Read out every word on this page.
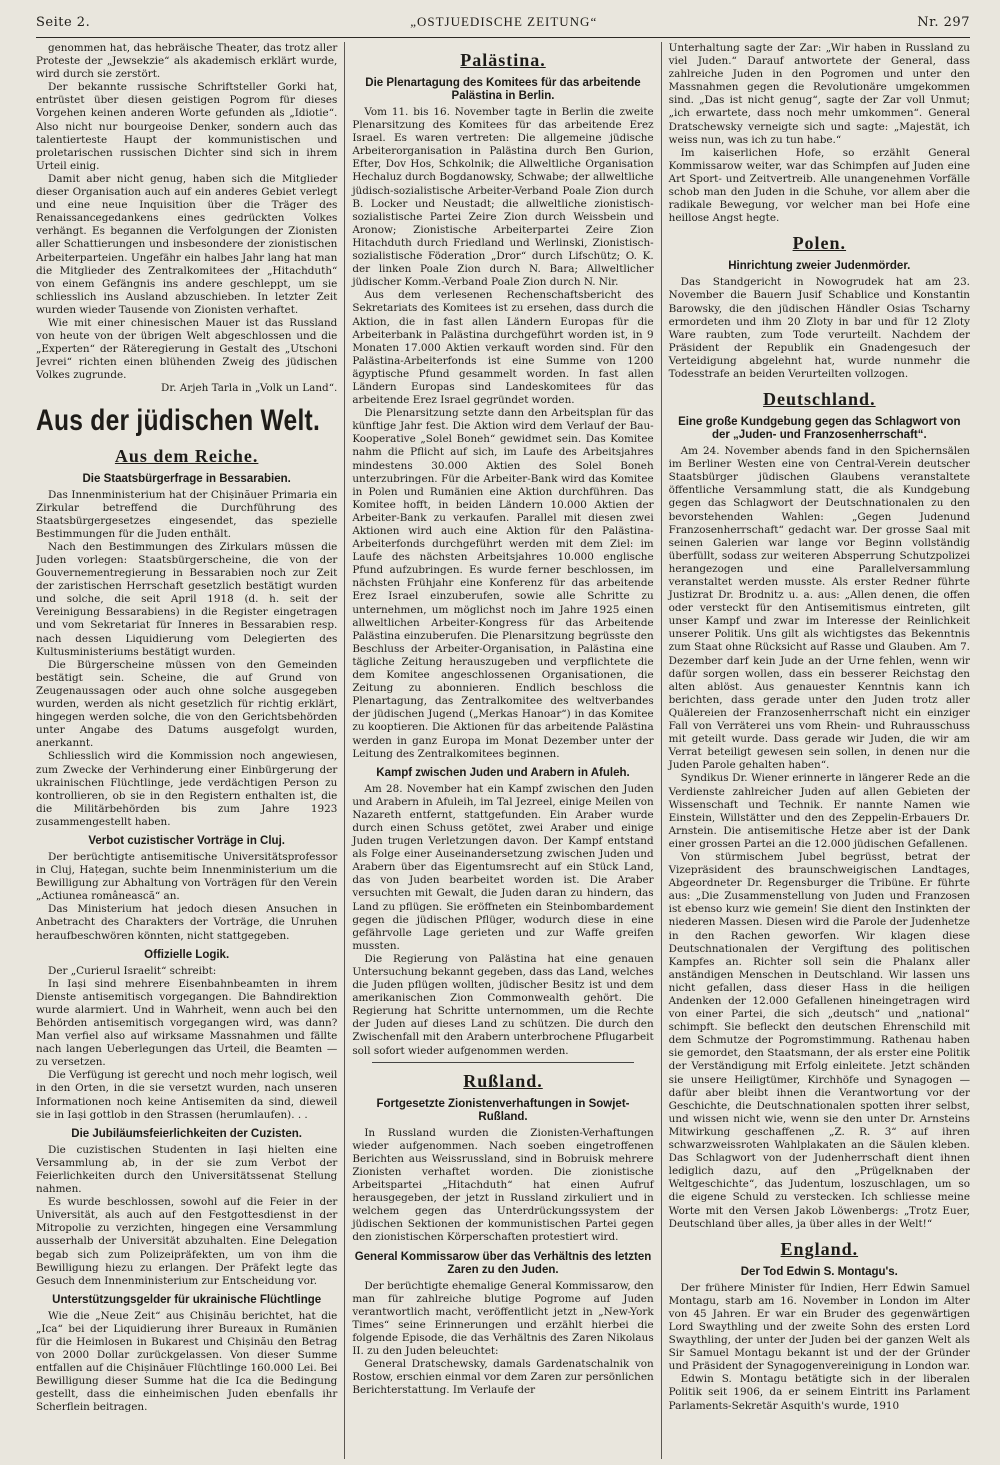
Seite 2.	„OSTJUEDISCHE ZEITUNG“	Nr. 297

genommen hat, das hebräische Theater, das trotz aller Proteste der „Jewsekzie“ als akademisch erklärt wurde, wird durch sie zerstört.

Der bekannte russische Schriftsteller Gorki hat, entrüstet über diesen geistigen Pogrom für dieses Vorgehen keinen anderen Worte gefunden als „Idiotie“. Also nicht nur bourgeoise Denker, sondern auch das talentierteste Haupt der kommunistischen und proletarischen russischen Dichter sind sich in ihrem Urteil einig.

Damit aber nicht genug, haben sich die Mitglieder dieser Organisation auch auf ein anderes Gebiet verlegt und eine neue Inquisition über die Träger des Renaissancegedankens eines gedrückten Volkes verhängt. Es begannen die Verfolgungen der Zionisten aller Schattierungen und insbesondere der zionistischen Arbeiterparteien. Ungefähr ein halbes Jahr lang hat man die Mitglieder des Zentralkomitees der „Hitachduth“ von einem Gefängnis ins andere geschleppt, um sie schliesslich ins Ausland abzuschieben. In letzter Zeit wurden wieder Tausende von Zionisten verhaftet.

Wie mit einer chinesischen Mauer ist das Russland von heute von der übrigen Welt abgeschlossen und die „Experten“ der Räteregierung in Gestalt des „Utschoni Jevrei“ richten einen blühenden Zweig des jüdischen Volkes zugrunde.

Dr. Arjeh Tarla in „Volk un Land“.

Aus der jüdischen Welt.
Aus dem Reiche.
Die Staatsbürgerfrage in Bessarabien.

Das Innenministerium hat der Chișinăuer Primaria ein Zirkular betreffend die Durchführung des Staatsbürgergesetzes eingesendet, das spezielle Bestimmungen für die Juden enthält.

Nach den Bestimmungen des Zirkulars müssen die Juden vorlegen: Staatsbürgerscheine, die von der Gouvernementregierung in Bessarabien noch zur Zeit der zaristischen Herrschaft gesetzlich bestätigt wurden und solche, die seit April 1918 (d. h. seit der Vereinigung Bessarabiens) in die Register eingetragen und vom Sekretariat für Inneres in Bessarabien resp. nach dessen Liquidierung vom Delegierten des Kultusministeriums bestätigt wurden.

Die Bürgerscheine müssen von den Gemeinden bestätigt sein. Scheine, die auf Grund von Zeugenaussagen oder auch ohne solche ausgegeben wurden, werden als nicht gesetzlich für richtig erklärt, hingegen werden solche, die von den Gerichtsbehörden unter Angabe des Datums ausgefolgt wurden, anerkannt.

Schliesslich wird die Kommission noch angewiesen, zum Zwecke der Verhinderung einer Einbürgerung der ukrainischen Flüchtlinge, jede verdächtigen Person zu kontrollieren, ob sie in den Registern enthalten ist, die die Militärbehörden bis zum Jahre 1923 zusammengestellt haben.

Verbot cuzistischer Vorträge in Cluj.

Der berüchtigte antisemitische Universitätsprofessor in Cluj, Hațegan, suchte beim Innenministerium um die Bewilligung zur Abhaltung von Vorträgen für den Verein „Actiunea românească“ an.

Das Ministerium hat jedoch diesen Ansuchen in Anbetracht des Charakters der Vorträge, die Unruhen heraufbeschwören könnten, nicht stattgegeben.

Offizielle Logik.

Der „Curierul Israelit“ schreibt:

In Iași sind mehrere Eisenbahnbeamten in ihrem Dienste antisemitisch vorgegangen. Die Bahndirektion wurde alarmiert. Und in Wahrheit, wenn auch bei den Behörden antisemitisch vorgegangen wird, was dann? Man verfiel also auf wirksame Massnahmen und fällte nach langen Ueberlegungen das Urteil, die Beamten — zu versetzen.

Die Verfügung ist gerecht und noch mehr logisch, weil in den Orten, in die sie versetzt wurden, nach unseren Informationen noch keine Antisemiten da sind, dieweil sie in Iași gottlob in den Strassen (herumlaufen). . .

Die Jubiläumsfeierlichkeiten der Cuzisten.

Die cuzistischen Studenten in Iași hielten eine Versammlung ab, in der sie zum Verbot der Feierlichkeiten durch den Universitätssenat Stellung nahmen.

Es wurde beschlossen, sowohl auf die Feier in der Universität, als auch auf den Festgottesdienst in der Mitropolie zu verzichten, hingegen eine Versammlung ausserhalb der Universität abzuhalten. Eine Delegation begab sich zum Polizeipräfekten, um von ihm die Bewilligung hiezu zu erlangen. Der Präfekt legte das Gesuch dem Innenministerium zur Entscheidung vor.

Unterstützungsgelder für ukrainische Flüchtlinge

Wie die „Neue Zeit“ aus Chișinău berichtet, hat die „Ica“ bei der Liquidierung ihrer Bureaux in Rumänien für die Heimlosen in Bukarest und Chișinău den Betrag von 2000 Dollar zurückgelassen. Von dieser Summe entfallen auf die Chișinăuer Flüchtlinge 160.000 Lei. Bei Bewilligung dieser Summe hat die Ica die Bedingung gestellt, dass die einheimischen Juden ebenfalls ihr Scherflein beitragen.

Palästina.
Die Plenartagung des Komitees für das arbeitende Palästina in Berlin.

Vom 11. bis 16. November tagte in Berlin die zweite Plenarsitzung des Komitees für das arbeitende Erez Israel. Es waren vertreten: Die allgemeine jüdische Arbeiterorganisation in Palästina durch Ben Gurion, Efter, Dov Hos, Schkolnik; die Allweltliche Organisation Hechaluz durch Bogdanowsky, Schwabe; der allweltliche jüdisch-sozialistische Arbeiter-Verband Poale Zion durch B. Locker und Neustadt; die allweltliche zionistisch-sozialistische Partei Zeire Zion durch Weissbein und Aronow; Zionistische Arbeiterpartei Zeire Zion Hitachduth durch Friedland und Werlinski, Zionistisch-sozialistische Föderation „Dror“ durch Lifschütz; O. K. der linken Poale Zion durch N. Bara; Allweltlicher jüdischer Komm.-Verband Poale Zion durch N. Nir.

Aus dem verlesenen Rechenschaftsbericht des Sekretariats des Komitees ist zu ersehen, dass durch die Aktion, die in fast allen Ländern Europas für die Arbeiterbank in Palästina durchgeführt worden ist, in 9 Monaten 17.000 Aktien verkauft worden sind. Für den Palästina-Arbeiterfonds ist eine Summe von 1200 ägyptische Pfund gesammelt worden. In fast allen Ländern Europas sind Landeskomitees für das arbeitende Erez Israel gegründet worden.

Die Plenarsitzung setzte dann den Arbeitsplan für das künftige Jahr fest. Die Aktion wird dem Verlauf der Bau-Kooperative „Solel Boneh“ gewidmet sein. Das Komitee nahm die Pflicht auf sich, im Laufe des Arbeitsjahres mindestens 30.000 Aktien des Solel Boneh unterzubringen. Für die Arbeiter-Bank wird das Komitee in Polen und Rumänien eine Aktion durchführen. Das Komitee hofft, in beiden Ländern 10.000 Aktien der Arbeiter-Bank zu verkaufen. Parallel mit diesen zwei Aktionen wird auch eine Aktion für den Palästina-Arbeiterfonds durchgeführt werden mit dem Ziel: im Laufe des nächsten Arbeitsjahres 10.000 englische Pfund aufzubringen. Es wurde ferner beschlossen, im nächsten Frühjahr eine Konferenz für das arbeitende Erez Israel einzuberufen, sowie alle Schritte zu unternehmen, um möglichst noch im Jahre 1925 einen allweltlichen Arbeiter-Kongress für das Arbeitende Palästina einzuberufen. Die Plenarsitzung begrüsste den Beschluss der Arbeiter-Organisation, in Palästina eine tägliche Zeitung herauszugeben und verpflichtete die dem Komitee angeschlossenen Organisationen, die Zeitung zu abonnieren. Endlich beschloss die Plenartagung, das Zentralkomitee des weltverbandes der jüdischen Jugend („Merkas Hanoar“) in das Komitee zu kooptieren. Die Aktionen für das arbeitende Palästina werden in ganz Europa im Monat Dezember unter der Leitung des Zentralkomitees beginnen.

Kampf zwischen Juden und Arabern in Afuleh.

Am 28. November hat ein Kampf zwischen den Juden und Arabern in Afuleih, im Tal Jezreel, einige Meilen von Nazareth entfernt, stattgefunden. Ein Araber wurde durch einen Schuss getötet, zwei Araber und einige Juden trugen Verletzungen davon. Der Kampf entstand als Folge einer Auseinandersetzung zwischen Juden und Arabern über das Eigentumsrecht auf ein Stück Land, das von Juden bearbeitet worden ist. Die Araber versuchten mit Gewalt, die Juden daran zu hindern, das Land zu pflügen. Sie eröffneten ein Steinbombardement gegen die jüdischen Pflüger, wodurch diese in eine gefährvolle Lage gerieten und zur Waffe greifen mussten.

Die Regierung von Palästina hat eine genauen Untersuchung bekannt gegeben, dass das Land, welches die Juden pflügen wollten, jüdischer Besitz ist und dem amerikanischen Zion Commonwealth gehört. Die Regierung hat Schritte unternommen, um die Rechte der Juden auf dieses Land zu schützen. Die durch den Zwischenfall mit den Arabern unterbrochene Pflugarbeit soll sofort wieder aufgenommen werden.

Rußland.
Fortgesetzte Zionistenverhaftungen in Sowjet-Rußland.

In Russland wurden die Zionisten-Verhaftungen wieder aufgenommen. Nach soeben eingetroffenen Berichten aus Weissrussland, sind in Bobruisk mehrere Zionisten verhaftet worden. Die zionistische Arbeitspartei „Hitachduth“ hat einen Aufruf herausgegeben, der jetzt in Russland zirkuliert und in welchem gegen das Unterdrückungssystem der jüdischen Sektionen der kommunistischen Partei gegen den zionistischen Körperschaften protestiert wird.

General Kommissarow über das Verhältnis des letzten Zaren zu den Juden.

Der berüchtigte ehemalige General Kommissarow, den man für zahlreiche blutige Pogrome auf Juden verantwortlich macht, veröffentlicht jetzt in „New-York Times“ seine Erinnerungen und erzählt hierbei die folgende Episode, die das Verhältnis des Zaren Nikolaus II. zu den Juden beleuchtet:

General Dratschewsky, damals Gardenatschalnik von Rostow, erschien einmal vor dem Zaren zur persönlichen Berichterstattung. Im Verlaufe der

Unterhaltung sagte der Zar: „Wir haben in Russland zu viel Juden.“ Darauf antwortete der General, dass zahlreiche Juden in den Pogromen und unter den Massnahmen gegen die Revolutionäre umgekommen sind. „Das ist nicht genug“, sagte der Zar voll Unmut; „ich erwartete, dass noch mehr umkommen“. General Dratschewsky verneigte sich und sagte: „Majestät, ich weiss nun, was ich zu tun habe.“

Im kaiserlichen Hofe, so erzählt General Kommissarow weiter, war das Schimpfen auf Juden eine Art Sport- und Zeitvertreib. Alle unangenehmen Vorfälle schob man den Juden in die Schuhe, vor allem aber die radikale Bewegung, vor welcher man bei Hofe eine heillose Angst hegte.

Polen.
Hinrichtung zweier Judenmörder.

Das Standgericht in Nowogrudek hat am 23. November die Bauern Jusif Schablice und Konstantin Barowsky, die den jüdischen Händler Osias Tscharny ermordeten und ihm 20 Zloty in bar und für 12 Zloty Ware raubten, zum Tode verurteilt. Nachdem der Präsident der Republik ein Gnadengesuch der Verteidigung abgelehnt hat, wurde nunmehr die Todesstrafe an beiden Verurteilten vollzogen.

Deutschland.
Eine große Kundgebung gegen das Schlagwort von der „Juden- und Franzosenherrschaft“.

Am 24. November abends fand in den Spichernsälen im Berliner Westen eine von Central-Verein deutscher Staatsbürger jüdischen Glaubens veranstaltete öffentliche Versammlung statt, die als Kundgebung gegen das Schlagwort der Deutschnationalen zu den bevorstehenden Wahlen: „Gegen Judenund Franzosenherrschaft“ gedacht war. Der grosse Saal mit seinen Galerien war lange vor Beginn vollständig überfüllt, sodass zur weiteren Absperrung Schutzpolizei herangezogen und eine Parallelversammlung veranstaltet werden musste. Als erster Redner führte Justizrat Dr. Brodnitz u. a. aus: „Allen denen, die offen oder versteckt für den Antisemitismus eintreten, gilt unser Kampf und zwar im Interesse der Reinlichkeit unserer Politik. Uns gilt als wichtigstes das Bekenntnis zum Staat ohne Rücksicht auf Rasse und Glauben. Am 7. Dezember darf kein Jude an der Urne fehlen, wenn wir dafür sorgen wollen, dass ein besserer Reichstag den alten ablöst. Aus genauester Kenntnis kann ich berichten, dass gerade unter den Juden trotz aller Quälereien der Franzosenherrschaft nicht ein einziger Fall von Verräterei uns vom Rhein- und Ruhrausschuss mit geteilt wurde. Dass gerade wir Juden, die wir am Verrat beteiligt gewesen sein sollen, in denen nur die Juden Parole gehalten haben“.

Syndikus Dr. Wiener erinnerte in längerer Rede an die Verdienste zahlreicher Juden auf allen Gebieten der Wissenschaft und Technik. Er nannte Namen wie Einstein, Willstätter und den des Zeppelin-Erbauers Dr. Arnstein. Die antisemitische Hetze aber ist der Dank einer grossen Partei an die 12.000 jüdischen Gefallenen.

Von stürmischem Jubel begrüsst, betrat der Vizepräsident des braunschweigischen Landtages, Abgeordneter Dr. Regensburger die Tribüne. Er führte aus: „Die Zusammenstellung von Juden und Franzosen ist ebenso kurz wie gemein! Sie dient den Instinkten der niederen Massen. Diesen wird die Parole der Judenhetze in den Rachen geworfen. Wir klagen diese Deutschnationalen der Vergiftung des politischen Kampfes an. Richter soll sein die Phalanx aller anständigen Menschen in Deutschland. Wir lassen uns nicht gefallen, dass dieser Hass in die heiligen Andenken der 12.000 Gefallenen hineingetragen wird von einer Partei, die sich „deutsch“ und „national“ schimpft. Sie befleckt den deutschen Ehrenschild mit dem Schmutze der Pogromstimmung. Rathenau haben sie gemordet, den Staatsmann, der als erster eine Politik der Verständigung mit Erfolg einleitete. Jetzt schänden sie unsere Heiligtümer, Kirchhöfe und Synagogen — dafür aber bleibt ihnen die Verantwortung vor der Geschichte, die Deutschnationalen spotten ihrer selbst, und wissen nicht wie, wenn sie den unter Dr. Arnsteins Mitwirkung geschaffenen „Z. R. 3“ auf ihren schwarzweissroten Wahlplakaten an die Säulen kleben. Das Schlagwort von der Judenherrschaft dient ihnen lediglich dazu, auf den „Prügelknaben der Weltgeschichte“, das Judentum, loszuschlagen, um so die eigene Schuld zu verstecken. Ich schliesse meine Worte mit den Versen Jakob Löwenbergs: „Trotz Euer, Deutschland über alles, ja über alles in der Welt!“

England.
Der Tod Edwin S. Montagu's.

Der frühere Minister für Indien, Herr Edwin Samuel Montagu, starb am 16. November in London im Alter von 45 Jahren. Er war ein Bruder des gegenwärtigen Lord Swaythling und der zweite Sohn des ersten Lord Swaythling, der unter der Juden bei der ganzen Welt als Sir Samuel Montagu bekannt ist und der der Gründer und Präsident der Synagogenvereinigung in London war.

Edwin S. Montagu betätigte sich in der liberalen Politik seit 1906, da er seinem Eintritt ins Parlament Parlaments-Sekretär Asquith's wurde, 1910
